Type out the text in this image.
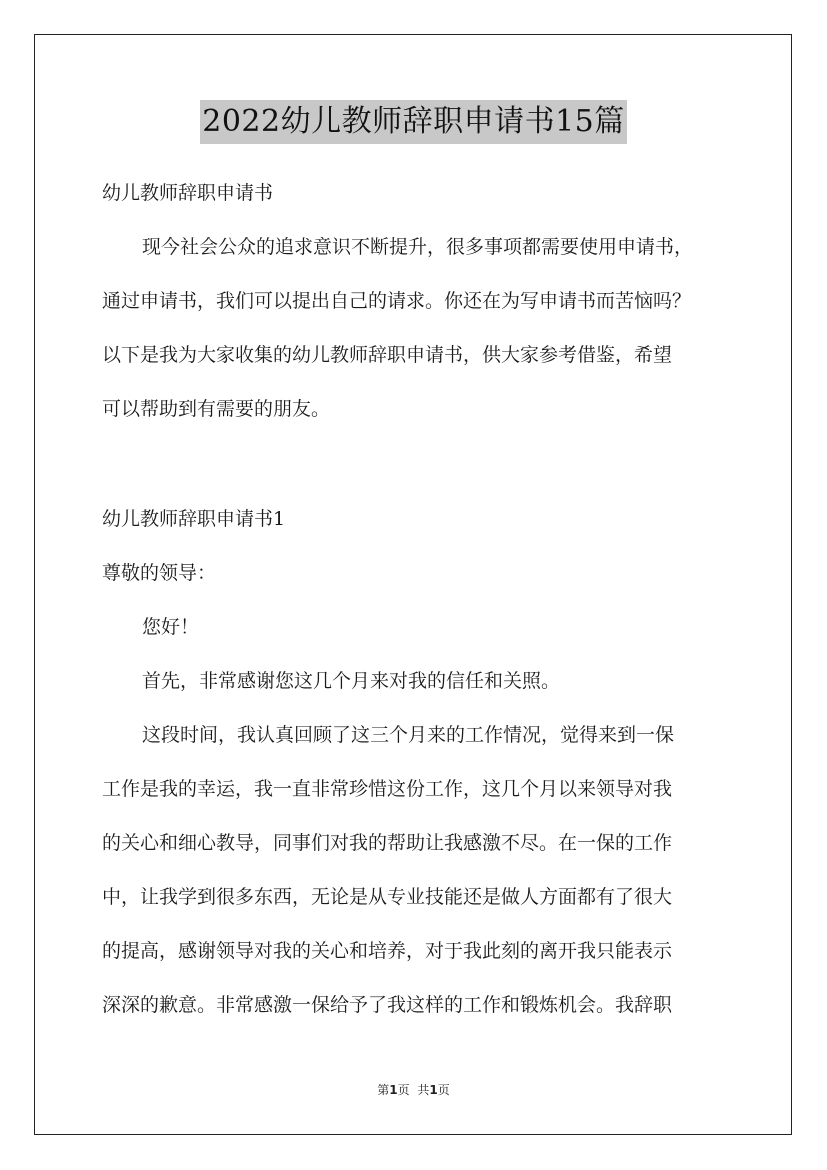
2022幼儿教师辞职申请书15篇

幼儿教师辞职申请书

现今社会公众的追求意识不断提升，很多事项都需要使用申请书，

通过申请书，我们可以提出自己的请求。你还在为写申请书而苦恼吗？

以下是我为大家收集的幼儿教师辞职申请书，供大家参考借鉴，希望

可以帮助到有需要的朋友。

幼儿教师辞职申请书1

尊敬的领导：

您好！

首先，非常感谢您这几个月来对我的信任和关照。

这段时间，我认真回顾了这三个月来的工作情况，觉得来到一保

工作是我的幸运，我一直非常珍惜这份工作，这几个月以来领导对我

的关心和细心教导，同事们对我的帮助让我感激不尽。在一保的工作

中，让我学到很多东西，无论是从专业技能还是做人方面都有了很大

的提高，感谢领导对我的关心和培养，对于我此刻的离开我只能表示

深深的歉意。非常感激一保给予了我这样的工作和锻炼机会。我辞职

第1页 共1页
